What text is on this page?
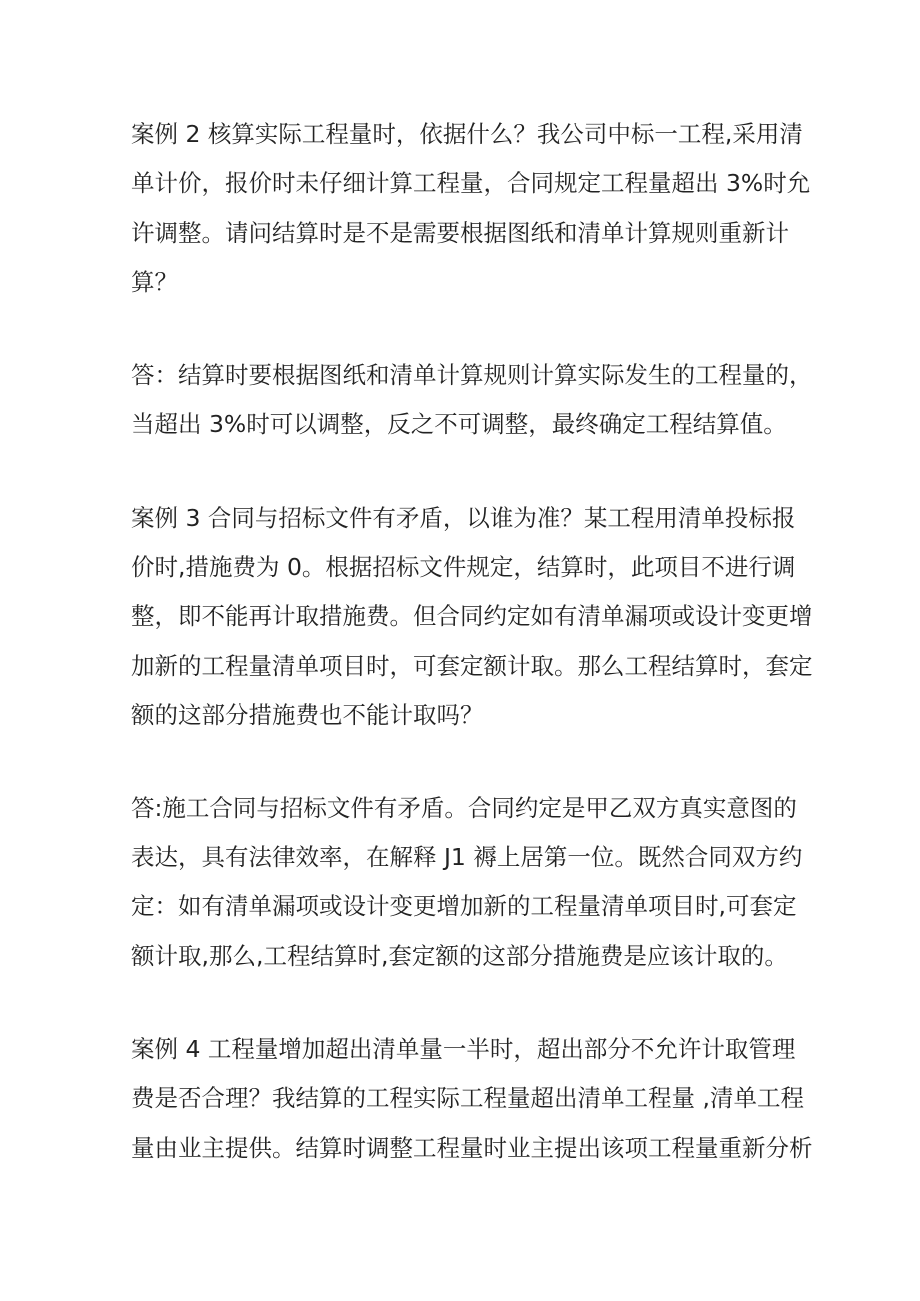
案例 2 核算实际工程量时，依据什么？我公司中标一工程,采用清
单计价，报价时未仔细计算工程量，合同规定工程量超出 3%时允
许调整。请问结算时是不是需要根据图纸和清单计算规则重新计
算？
答：结算时要根据图纸和清单计算规则计算实际发生的工程量的，
当超出 3%时可以调整，反之不可调整，最终确定工程结算值。
案例 3 合同与招标文件有矛盾，以谁为准？某工程用清单投标报
价时,措施费为 0。根据招标文件规定，结算时，此项目不进行调
整，即不能再计取措施费。但合同约定如有清单漏项或设计变更增
加新的工程量清单项目时，可套定额计取。那么工程结算时，套定
额的这部分措施费也不能计取吗？
答:施工合同与招标文件有矛盾。合同约定是甲乙双方真实意图的
表达，具有法律效率，在解释 J1 褥上居第一位。既然合同双方约
定：如有清单漏项或设计变更增加新的工程量清单项目时,可套定
额计取,那么,工程结算时,套定额的这部分措施费是应该计取的。
案例 4 工程量增加超出清单量一半时，超出部分不允许计取管理
费是否合理？我结算的工程实际工程量超出清单工程量 ,清单工程
量由业主提供。结算时调整工程量时业主提出该项工程量重新分析
